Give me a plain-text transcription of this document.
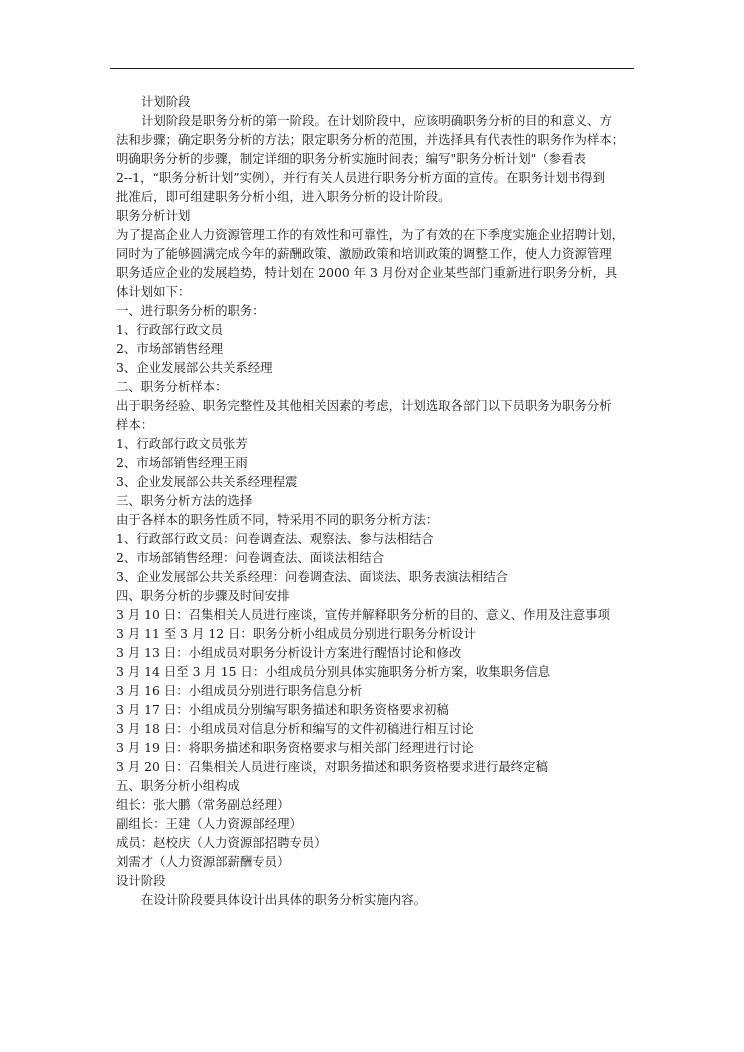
计划阶段

计划阶段是职务分析的第一阶段。在计划阶段中，应该明确职务分析的目的和意义、方

法和步骤；确定职务分析的方法；限定职务分析的范围，并选择具有代表性的职务作为样本；

明确职务分析的步骤，制定详细的职务分析实施时间表；编写"职务分析计划"（参看表

2--1，“职务分析计划”实例），并行有关人员进行职务分析方面的宣传。在职务计划书得到

批准后，即可组建职务分析小组，进入职务分析的设计阶段。

职务分析计划

为了提高企业人力资源管理工作的有效性和可靠性，为了有效的在下季度实施企业招聘计划，

同时为了能够圆满完成今年的薪酬政策、激励政策和培训政策的调整工作，使人力资源管理

职务适应企业的发展趋势，特计划在 2000 年 3 月份对企业某些部门重新进行职务分析，具

体计划如下：

一、进行职务分析的职务：

1、行政部行政文员

2、市场部销售经理

3、企业发展部公共关系经理

二、职务分析样本：

出于职务经验、职务完整性及其他相关因素的考虑，计划选取各部门以下员职务为职务分析

样本：

1、行政部行政文员张芳

2、市场部销售经理王雨

3、企业发展部公共关系经理程震

三、职务分析方法的选择

由于各样本的职务性质不同，特采用不同的职务分析方法：

1、行政部行政文员：问卷调查法、观察法、参与法相结合

2、市场部销售经理：问卷调查法、面谈法相结合

3、企业发展部公共关系经理：问卷调查法、面谈法、职务表演法相结合

四、职务分析的步骤及时间安排

3 月 10 日：召集相关人员进行座谈，宣传并解释职务分析的目的、意义、作用及注意事项

3 月 11 至 3 月 12 日：职务分析小组成员分别进行职务分析设计

3 月 13 日：小组成员对职务分析设计方案进行醒悟讨论和修改

3 月 14 日至 3 月 15 日：小组成员分别具体实施职务分析方案，收集职务信息

3 月 16 日：小组成员分别进行职务信息分析

3 月 17 日：小组成员分别编写职务描述和职务资格要求初稿

3 月 18 日：小组成员对信息分析和编写的文件初稿进行相互讨论

3 月 19 日：将职务描述和职务资格要求与相关部门经理进行讨论

3 月 20 日：召集相关人员进行座谈，对职务描述和职务资格要求进行最终定稿

五、职务分析小组构成

组长：张大鹏（常务副总经理）

副组长：王建（人力资源部经理）

成员：赵校庆（人力资源部招聘专员）

刘需才（人力资源部薪酬专员）

设计阶段

在设计阶段要具体设计出具体的职务分析实施内容。
